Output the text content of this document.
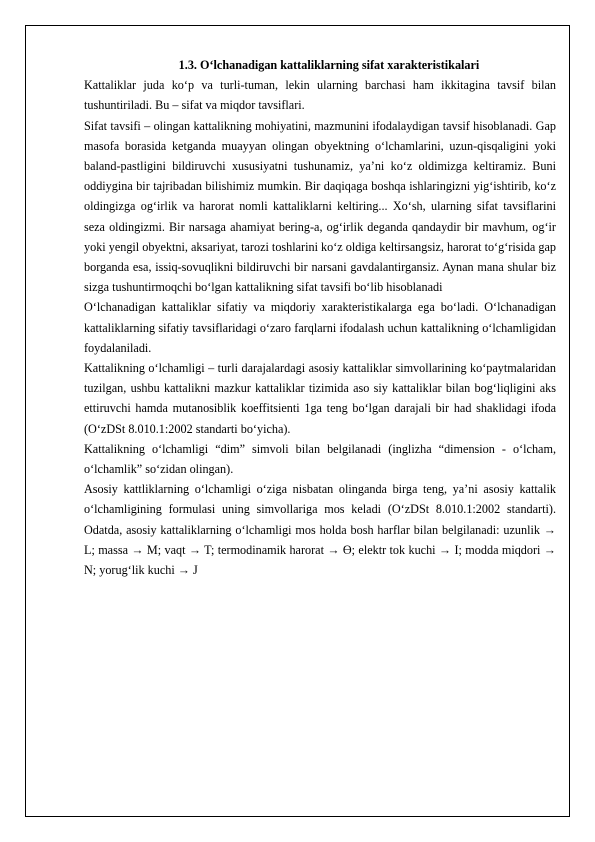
1.3. O‘lchanadigan kattaliklarning sifat xarakteristikalari

Kattaliklar juda ko‘p va turli-tuman, lekin ularning barchasi ham ikkitagina tavsif bilan tushuntiriladi. Bu – sifat va miqdor tavsiflari.

Sifat tavsifi – olingan kattalikning mohiyatini, mazmunini ifodalaydigan tavsif hisoblanadi. Gap masofa borasida ketganda muayyan olingan obyektning o‘lchamlarini, uzun-qisqaligini yoki baland-pastligini bildiruvchi xususiyatni tushunamiz, ya’ni ko‘z oldimizga keltiramiz. Buni oddiygina bir tajribadan bilishimiz mumkin. Bir daqiqaga boshqa ishlaringizni yig‘ishtirib, ko‘z oldingizga og‘irlik va harorat nomli kattaliklarni keltiring... Xo‘sh, ularning sifat tavsiflarini seza oldingizmi. Bir narsaga ahamiyat bering-a, og‘irlik deganda qandaydir bir mavhum, og‘ir yoki yengil obyektni, aksariyat, tarozi toshlarini ko‘z oldiga keltirsangsiz, harorat to‘g‘risida gap borganda esa, issiq-sovuqlikni bildiruvchi bir narsani gavdalantirgansiz. Aynan mana shular biz sizga tushuntirmoqchi bo‘lgan kattalikning sifat tavsifi bo‘lib hisoblanadi

O‘lchanadigan kattaliklar sifatiy va miqdoriy xarakteristikalarga ega bo‘ladi. O‘lchanadigan kattaliklarning sifatiy tavsiflaridagi o‘zaro farqlarni ifodalash uchun kattalikning o‘lchamligidan foydalaniladi.

Kattalikning o‘lchamligi – turli darajalardagi asosiy kattaliklar simvollarining ko‘paytmalaridan tuzilgan, ushbu kattalikni mazkur kattaliklar tizimida aso siy kattaliklar bilan bog‘liqligini aks ettiruvchi hamda mutanosiblik koeffitsienti 1ga teng bo‘lgan darajali bir had shaklidagi ifoda (O‘zDSt 8.010.1:2002 standarti bo‘yicha).

Kattalikning o‘lchamligi “dim” simvoli bilan belgilanadi (inglizha “dimension - o‘lcham, o‘lchamlik” so‘zidan olingan).

Asosiy kattliklarning o‘lchamligi o‘ziga nisbatan olinganda birga teng, ya’ni asosiy kattalik o‘lchamligining formulasi uning simvollariga mos keladi (O‘zDSt 8.010.1:2002 standarti). Odatda, asosiy kattaliklarning o‘lchamligi mos holda bosh harflar bilan belgilanadi: uzunlik → L; massa → M; vaqt → T; termodinamik harorat → ϴ; elektr tok kuchi → I; modda miqdori → N; yorug‘lik kuchi → J
